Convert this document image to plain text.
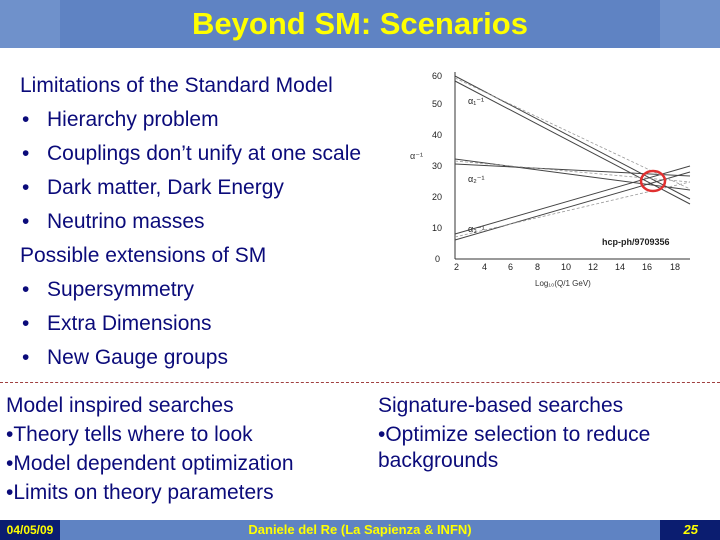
Beyond SM: Scenarios
Limitations of the Standard Model
• Hierarchy problem
• Couplings don’t unify at one scale
• Dark matter, Dark Energy
• Neutrino masses
Possible extensions of SM
• Supersymmetry
• Extra Dimensions
• New Gauge groups
0
10
20
30
40
50
60
2	4 6 8 10 12 14 16 18
Log₁₀(Q/1 GeV)
α⁻¹
α₁⁻¹
α₂⁻¹
α₃⁻¹
hcp-ph/9709356
Model inspired searches
•Theory tells where to look
•Model dependent optimization
•Limits on theory parameters
Signature-based searches
•Optimize selection to reduce
backgrounds
04/05/09	Daniele del Re (La Sapienza & INFN)	25
